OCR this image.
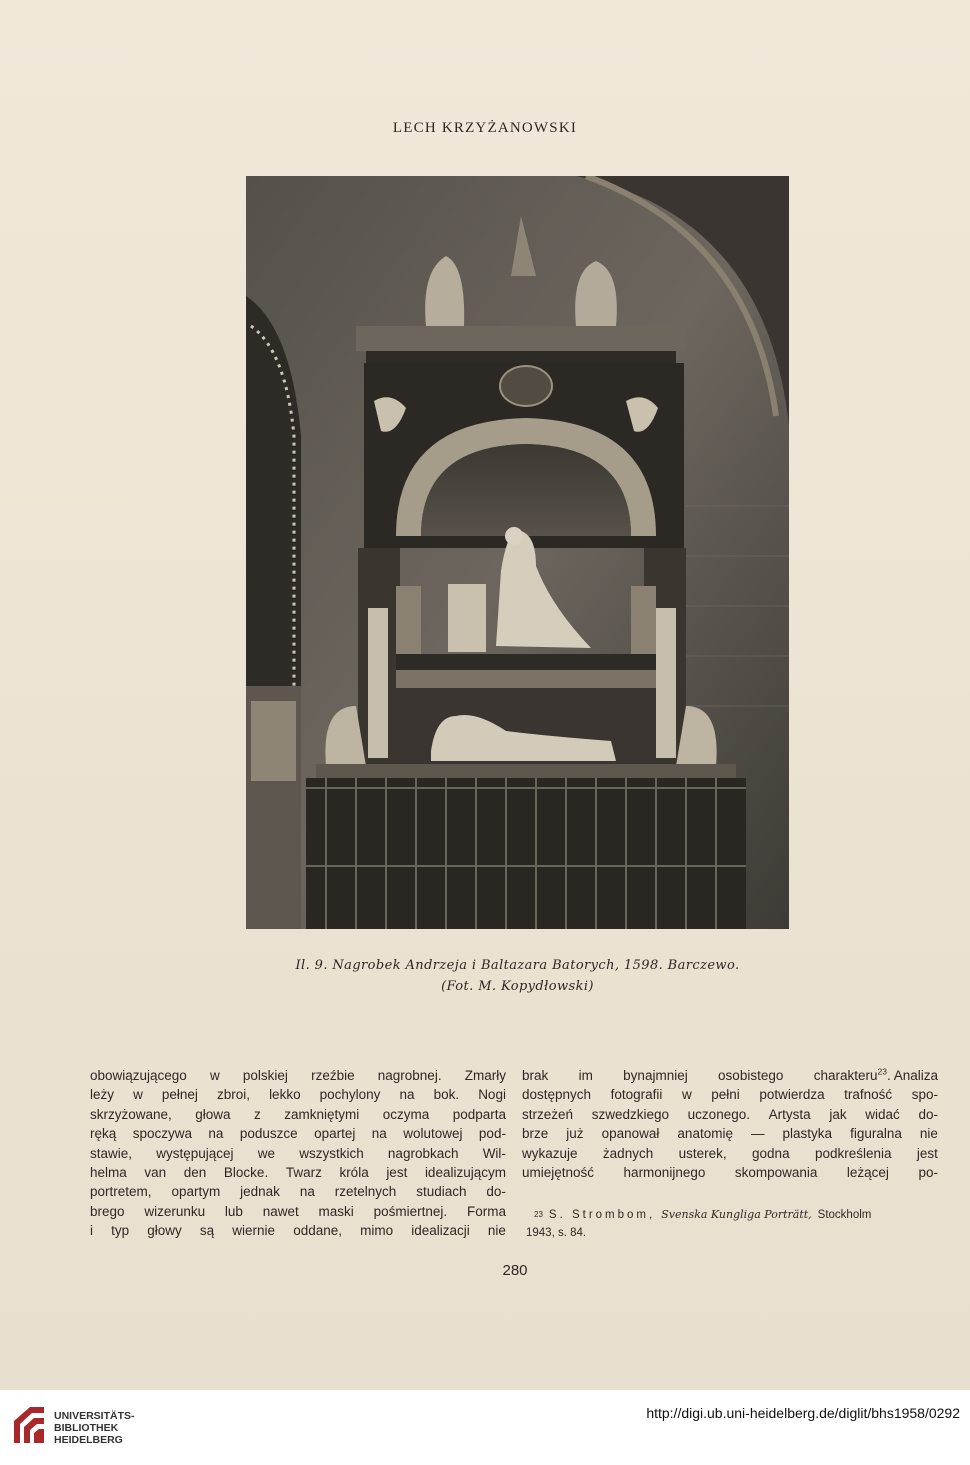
LECH KRZYŻANOWSKI
Il. 9. Nagrobek Andrzeja i Baltazara Batorych, 1598. Barczewo.
(Fot. M. Kopydłowski)
obowiązującego w polskiej rzeźbie nagrobnej. Zmarły
leży w pełnej zbroi, lekko pochylony na bok. Nogi
skrzyżowane, głowa z zamkniętymi oczyma podparta
ręką spoczywa na poduszce opartej na wolutowej pod-
stawie, występującej we wszystkich nagrobkach Wil-
helma van den Blocke. Twarz króla jest idealizującym
portretem, opartym jednak na rzetelnych studiach do-
brego wizerunku lub nawet maski pośmiertnej. Forma
i typ głowy są wiernie oddane, mimo idealizacji nie
brak im bynajmniej osobistego charakteru$^{23}$. Analiza
dostępnych fotografii w pełni potwierdza trafność spo-
strzeżeń szwedzkiego uczonego. Artysta jak widać do-
brze już opanował anatomię — plastyka figuralna nie
wykazuje żadnych usterek, godna podkreślenia jest
umiejętność harmonijnego skompowania leżącej po-
23 S. Strombom, Svenska Kungliga Porträtt, Stockholm
1943, s. 84.
280
UNIVERSITÄTS-
BIBLIOTHEK
HEIDELBERG
http://digi.ub.uni-heidelberg.de/diglit/bhs1958/0292
